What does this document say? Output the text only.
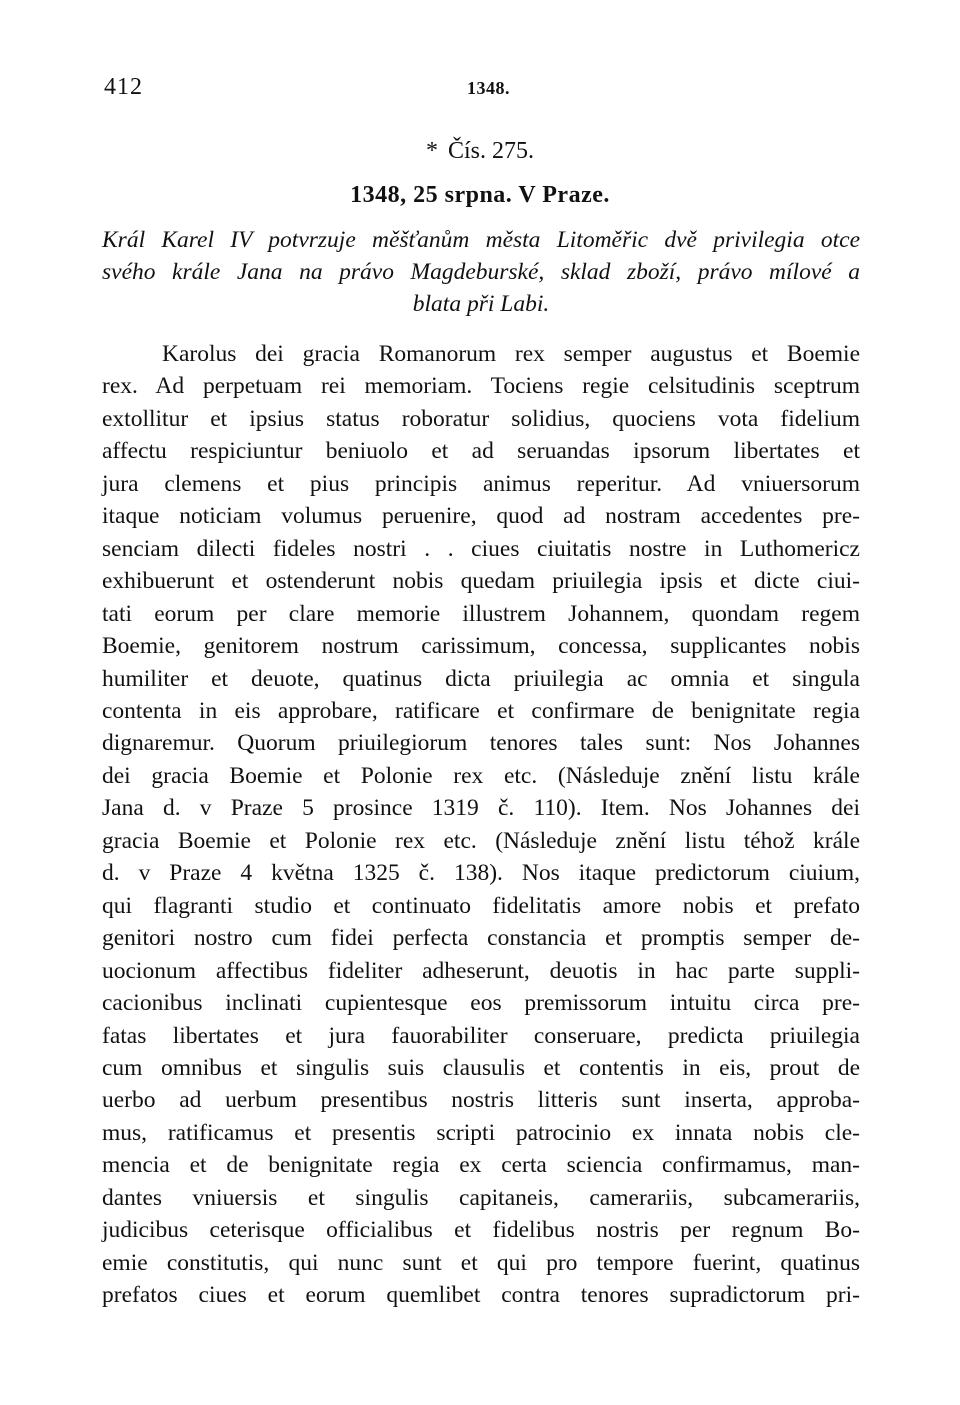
412	1348.
* Čís. 275.
1348, 25 srpna. V Praze.
Král Karel IV potvrzuje měšťanům města Litoměřic dvě privilegia otce
svého krále Jana na právo Magdeburské, sklad zboží, právo mílové a
blata při Labi.
Karolus dei gracia Romanorum rex semper augustus et Boemie
rex. Ad perpetuam rei memoriam. Tociens regie celsitudinis sceptrum
extollitur et ipsius status roboratur solidius, quociens vota fidelium
affectu respiciuntur beniuolo et ad seruandas ipsorum libertates et
jura clemens et pius principis animus reperitur. Ad vniuersorum
itaque noticiam volumus peruenire, quod ad nostram accedentes pre-
senciam dilecti fideles nostri . . ciues ciuitatis nostre in Luthomericz
exhibuerunt et ostenderunt nobis quedam priuilegia ipsis et dicte ciui-
tati eorum per clare memorie illustrem Johannem, quondam regem
Boemie, genitorem nostrum carissimum, concessa, supplicantes nobis
humiliter et deuote, quatinus dicta priuilegia ac omnia et singula
contenta in eis approbare, ratificare et confirmare de benignitate regia
dignaremur. Quorum priuilegiorum tenores tales sunt: Nos Johannes
dei gracia Boemie et Polonie rex etc. (Následuje znění listu krále
Jana d. v Praze 5 prosince 1319 č. 110). Item. Nos Johannes dei
gracia Boemie et Polonie rex etc. (Následuje znění listu téhož krále
d. v Praze 4 května 1325 č. 138). Nos itaque predictorum ciuium,
qui flagranti studio et continuato fidelitatis amore nobis et prefato
genitori nostro cum fidei perfecta constancia et promptis semper de-
uocionum affectibus fideliter adheserunt, deuotis in hac parte suppli-
cacionibus inclinati cupientesque eos premissorum intuitu circa pre-
fatas libertates et jura fauorabiliter conseruare, predicta priuilegia
cum omnibus et singulis suis clausulis et contentis in eis, prout de
uerbo ad uerbum presentibus nostris litteris sunt inserta, approba-
mus, ratificamus et presentis scripti patrocinio ex innata nobis cle-
mencia et de benignitate regia ex certa sciencia confirmamus, man-
dantes vniuersis et singulis capitaneis, camerariis, subcamerariis,
judicibus ceterisque officialibus et fidelibus nostris per regnum Bo-
emie constitutis, qui nunc sunt et qui pro tempore fuerint, quatinus
prefatos ciues et eorum quemlibet contra tenores supradictorum pri-
